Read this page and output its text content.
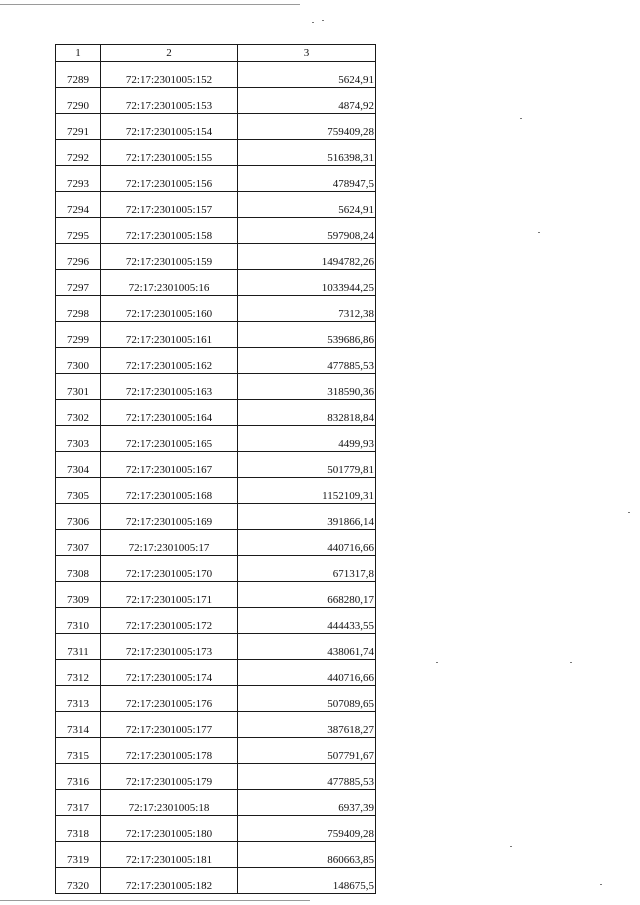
1	2	3
7289	72:17:2301005:152	5624,91
7290	72:17:2301005:153	4874,92
7291	72:17:2301005:154	759409,28
7292	72:17:2301005:155	516398,31
7293	72:17:2301005:156	478947,5
7294	72:17:2301005:157	5624,91
7295	72:17:2301005:158	597908,24
7296	72:17:2301005:159	1494782,26
7297	72:17:2301005:16	1033944,25
7298	72:17:2301005:160	7312,38
7299	72:17:2301005:161	539686,86
7300	72:17:2301005:162	477885,53
7301	72:17:2301005:163	318590,36
7302	72:17:2301005:164	832818,84
7303	72:17:2301005:165	4499,93
7304	72:17:2301005:167	501779,81
7305	72:17:2301005:168	1152109,31
7306	72:17:2301005:169	391866,14
7307	72:17:2301005:17	440716,66
7308	72:17:2301005:170	671317,8
7309	72:17:2301005:171	668280,17
7310	72:17:2301005:172	444433,55
7311	72:17:2301005:173	438061,74
7312	72:17:2301005:174	440716,66
7313	72:17:2301005:176	507089,65
7314	72:17:2301005:177	387618,27
7315	72:17:2301005:178	507791,67
7316	72:17:2301005:179	477885,53
7317	72:17:2301005:18	6937,39
7318	72:17:2301005:180	759409,28
7319	72:17:2301005:181	860663,85
7320	72:17:2301005:182	148675,5
